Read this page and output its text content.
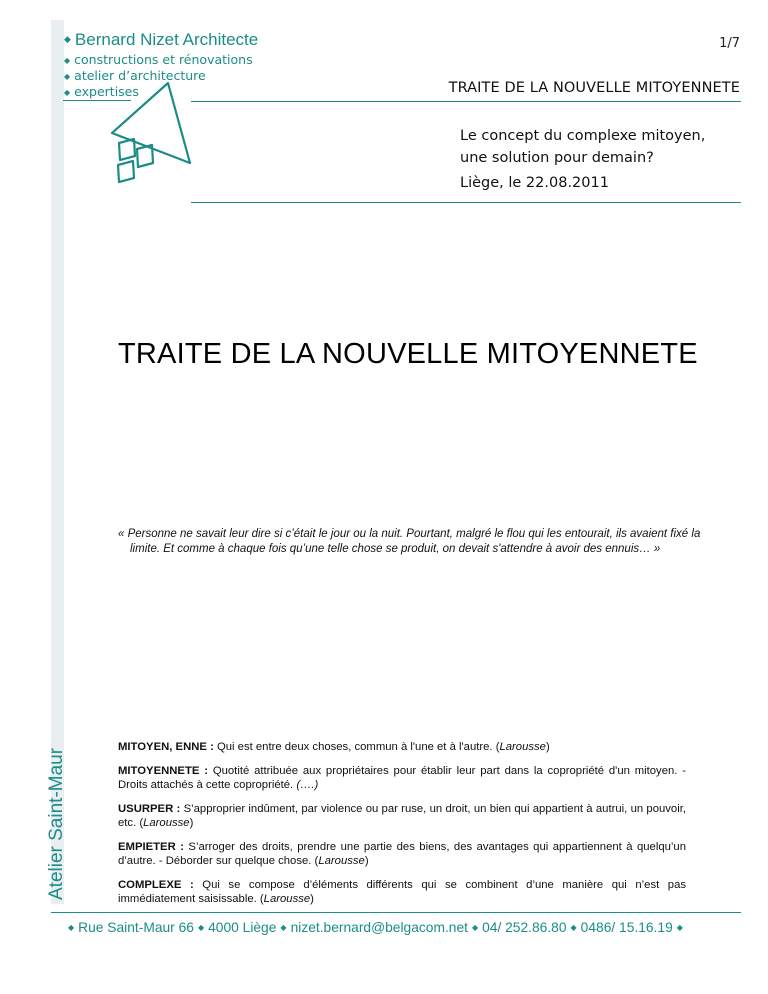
Atelier Saint-Maur
◆ Bernard Nizet Architecte
◆ constructions et rénovations
◆ atelier d’architecture
◆ expertises
1/7
TRAITE DE LA NOUVELLE MITOYENNETE
Le concept du complexe mitoyen,
une solution pour demain?
Liège, le 22.08.2011
TRAITE DE LA NOUVELLE MITOYENNETE
« Personne ne savait leur dire si c’était le jour ou la nuit. Pourtant, malgré le flou qui les entourait, ils avaient fixé la limite. Et comme à chaque fois qu’une telle chose se produit, on devait s'attendre à avoir des ennuis… »
MITOYEN, ENNE : Qui est entre deux choses, commun à l'une et à l'autre. (Larousse)
MITOYENNETE : Quotité attribuée aux propriétaires pour établir leur part dans la copropriété d'un mitoyen. - Droits attachés à cette copropriété. (….)
USURPER : S’approprier indûment, par violence ou par ruse, un droit, un bien qui appartient à autrui, un pouvoir, etc. (Larousse)
EMPIETER : S’arroger des droits, prendre une partie des biens, des avantages qui appartiennent à quelqu’un d’autre. - Déborder sur quelque chose. (Larousse)
COMPLEXE : Qui se compose d’éléments différents qui se combinent d’une manière qui n’est pas immédiatement saisissable. (Larousse)
◆ Rue Saint-Maur 66 ◆ 4000 Liège ◆ nizet.bernard@belgacom.net ◆ 04/ 252.86.80 ◆ 0486/ 15.16.19 ◆
